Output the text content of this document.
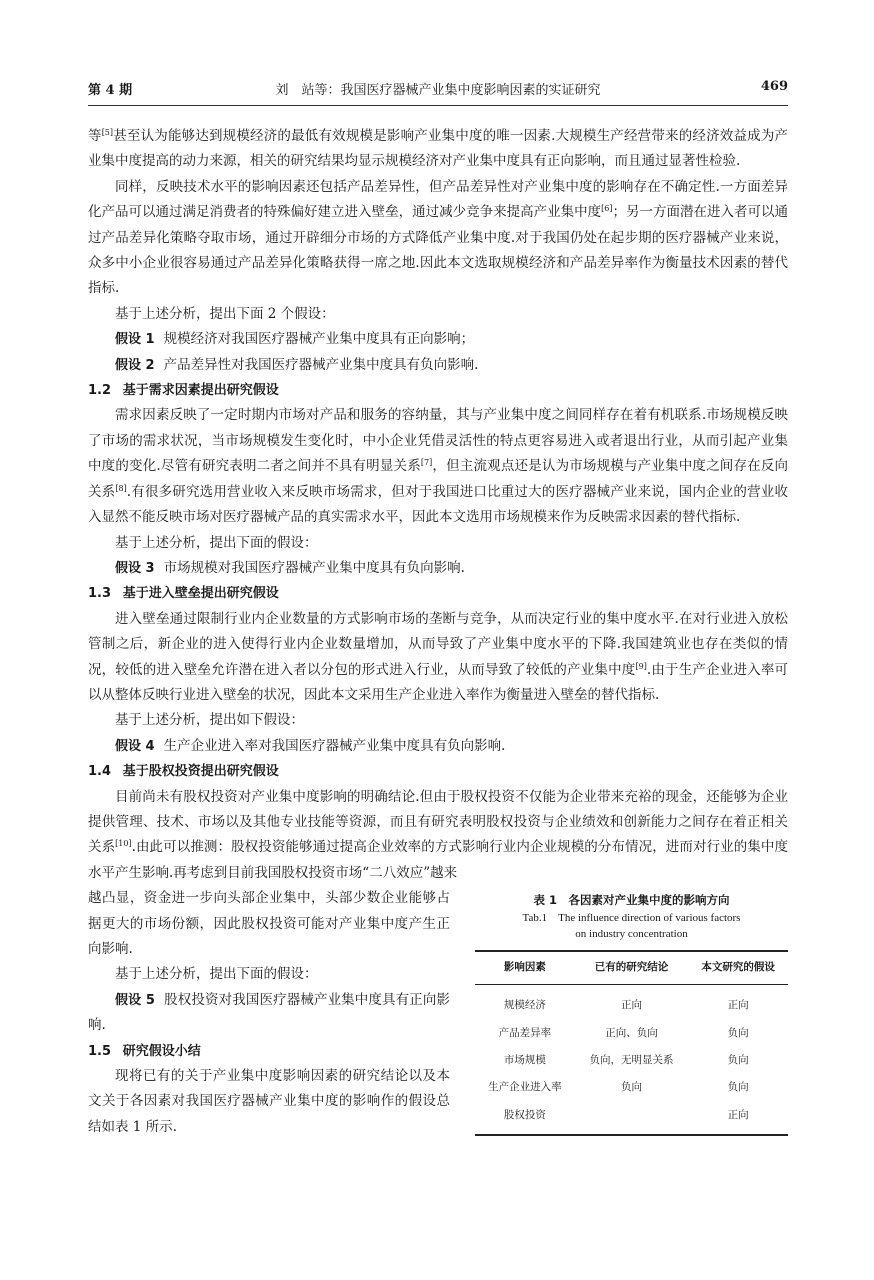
第 4 期	刘　站等：我国医疗器械产业集中度影响因素的实证研究	469

等[5]甚至认为能够达到规模经济的最低有效规模是影响产业集中度的唯一因素.大规模生产经营带来的经济效益成为产业集中度提高的动力来源，相关的研究结果均显示规模经济对产业集中度具有正向影响，而且通过显著性检验.

同样，反映技术水平的影响因素还包括产品差异性，但产品差异性对产业集中度的影响存在不确定性.一方面差异化产品可以通过满足消费者的特殊偏好建立进入壁垒，通过减少竞争来提高产业集中度[6]；另一方面潜在进入者可以通过产品差异化策略夺取市场，通过开辟细分市场的方式降低产业集中度.对于我国仍处在起步期的医疗器械产业来说，众多中小企业很容易通过产品差异化策略获得一席之地.因此本文选取规模经济和产品差异率作为衡量技术因素的替代指标.

基于上述分析，提出下面 2 个假设：

假设 1 规模经济对我国医疗器械产业集中度具有正向影响；

假设 2 产品差异性对我国医疗器械产业集中度具有负向影响.

1.2 基于需求因素提出研究假设

需求因素反映了一定时期内市场对产品和服务的容纳量，其与产业集中度之间同样存在着有机联系.市场规模反映了市场的需求状况，当市场规模发生变化时，中小企业凭借灵活性的特点更容易进入或者退出行业，从而引起产业集中度的变化.尽管有研究表明二者之间并不具有明显关系[7]，但主流观点还是认为市场规模与产业集中度之间存在反向关系[8].有很多研究选用营业收入来反映市场需求，但对于我国进口比重过大的医疗器械产业来说，国内企业的营业收入显然不能反映市场对医疗器械产品的真实需求水平，因此本文选用市场规模来作为反映需求因素的替代指标.

基于上述分析，提出下面的假设：

假设 3 市场规模对我国医疗器械产业集中度具有负向影响.

1.3 基于进入壁垒提出研究假设

进入壁垒通过限制行业内企业数量的方式影响市场的垄断与竞争，从而决定行业的集中度水平.在对行业进入放松管制之后，新企业的进入使得行业内企业数量增加，从而导致了产业集中度水平的下降.我国建筑业也存在类似的情况，较低的进入壁垒允许潜在进入者以分包的形式进入行业，从而导致了较低的产业集中度[9].由于生产企业进入率可以从整体反映行业进入壁垒的状况，因此本文采用生产企业进入率作为衡量进入壁垒的替代指标.

基于上述分析，提出如下假设：

假设 4 生产企业进入率对我国医疗器械产业集中度具有负向影响.

1.4 基于股权投资提出研究假设

目前尚未有股权投资对产业集中度影响的明确结论.但由于股权投资不仅能为企业带来充裕的现金，还能够为企业提供管理、技术、市场以及其他专业技能等资源，而且有研究表明股权投资与企业绩效和创新能力之间存在着正相关关系[10].由此可以推测：股权投资能够通过提高企业效率的方式影响行业内企业规模的分布情况，进而对行业的集中度水平产生影响.再考虑到目前我国股权投资市场“二八效应”越来

越凸显，资金进一步向头部企业集中，头部少数企业能够占据更大的市场份额，因此股权投资可能对产业集中度产生正向影响.

基于上述分析，提出下面的假设：

假设 5 股权投资对我国医疗器械产业集中度具有正向影响.

1.5 研究假设小结

现将已有的关于产业集中度影响因素的研究结论以及本文关于各因素对我国医疗器械产业集中度的影响作的假设总结如表 1 所示.

表 1　各因素对产业集中度的影响方向
Tab.1　The influence direction of various factors
on industry concentration
影响因素	已有的研究结论	本文研究的假设
规模经济	正向	正向
产品差异率	正向、负向	负向
市场规模	负向，无明显关系	负向
生产企业进入率	负向	负向
股权投资		正向
